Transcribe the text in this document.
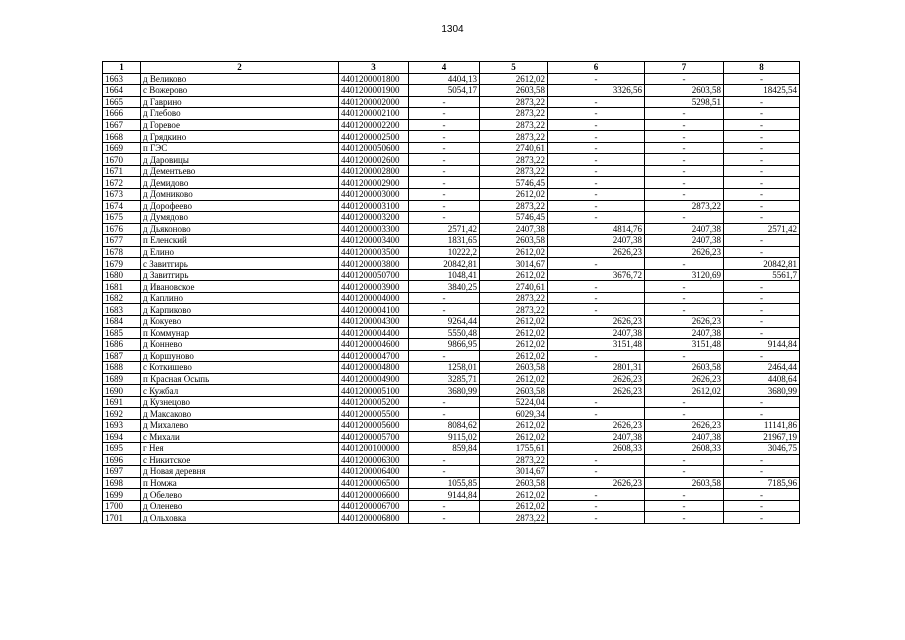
1304
1	2	3	4	5	6	7	8
1663	д Великово	4401200001800	4404,13	2612,02	-	-	-
1664	с Вожерово	4401200001900	5054,17	2603,58	3326,56	2603,58	18425,54
1665	д Гаврино	4401200002000	-	2873,22	-	5298,51	-
1666	д Глебово	4401200002100	-	2873,22	-	-	-
1667	д Горевое	4401200002200	-	2873,22	-	-	-
1668	д Грядкино	4401200002500	-	2873,22	-	-	-
1669	п ГЭС	4401200050600	-	2740,61	-	-	-
1670	д Даровицы	4401200002600	-	2873,22	-	-	-
1671	д Дементьево	4401200002800	-	2873,22	-	-	-
1672	д Демидово	4401200002900	-	5746,45	-	-	-
1673	д Домниково	4401200003000	-	2612,02	-	-	-
1674	д Дорофеево	4401200003100	-	2873,22	-	2873,22	-
1675	д Думядово	4401200003200	-	5746,45	-	-	-
1676	д Дьяконово	4401200003300	2571,42	2407,38	4814,76	2407,38	2571,42
1677	п Еленский	4401200003400	1831,65	2603,58	2407,38	2407,38	-
1678	д Елино	4401200003500	10222,2	2612,02	2626,23	2626,23	-
1679	с Завитгирь	4401200003800	20842,81	3014,67	-	-	20842,81
1680	д Завитгирь	4401200050700	1048,41	2612,02	3676,72	3120,69	5561,7
1681	д Ивановское	4401200003900	3840,25	2740,61	-	-	-
1682	д Каплино	4401200004000	-	2873,22	-	-	-
1683	д Карпиково	4401200004100	-	2873,22	-	-	-
1684	д Кокуево	4401200004300	9264,44	2612,02	2626,23	2626,23	-
1685	п Коммунар	4401200004400	5550,48	2612,02	2407,38	2407,38	-
1686	д Коннево	4401200004600	9866,95	2612,02	3151,48	3151,48	9144,84
1687	д Коршуново	4401200004700	-	2612,02	-	-	-
1688	с Коткишево	4401200004800	1258,01	2603,58	2801,31	2603,58	2464,44
1689	п Красная Осыпь	4401200004900	3285,71	2612,02	2626,23	2626,23	4408,64
1690	с Кужбал	4401200005100	3680,99	2603,58	2626,23	2612,02	3680,99
1691	д Кузнецово	4401200005200	-	5224,04	-	-	-
1692	д Максаково	4401200005500	-	6029,34	-	-	-
1693	д Михалево	4401200005600	8084,62	2612,02	2626,23	2626,23	11141,86
1694	с Михали	4401200005700	9115,02	2612,02	2407,38	2407,38	21967,19
1695	г Нея	4401200100000	859,84	1755,61	2608,33	2608,33	3046,75
1696	с Никитское	4401200006300	-	2873,22	-	-	-
1697	д Новая деревня	4401200006400	-	3014,67	-	-	-
1698	п Номжа	4401200006500	1055,85	2603,58	2626,23	2603,58	7185,96
1699	д Обелево	4401200006600	9144,84	2612,02	-	-	-
1700	д Оленево	4401200006700	-	2612,02	-	-	-
1701	д Ольховка	4401200006800	-	2873,22	-	-	-
